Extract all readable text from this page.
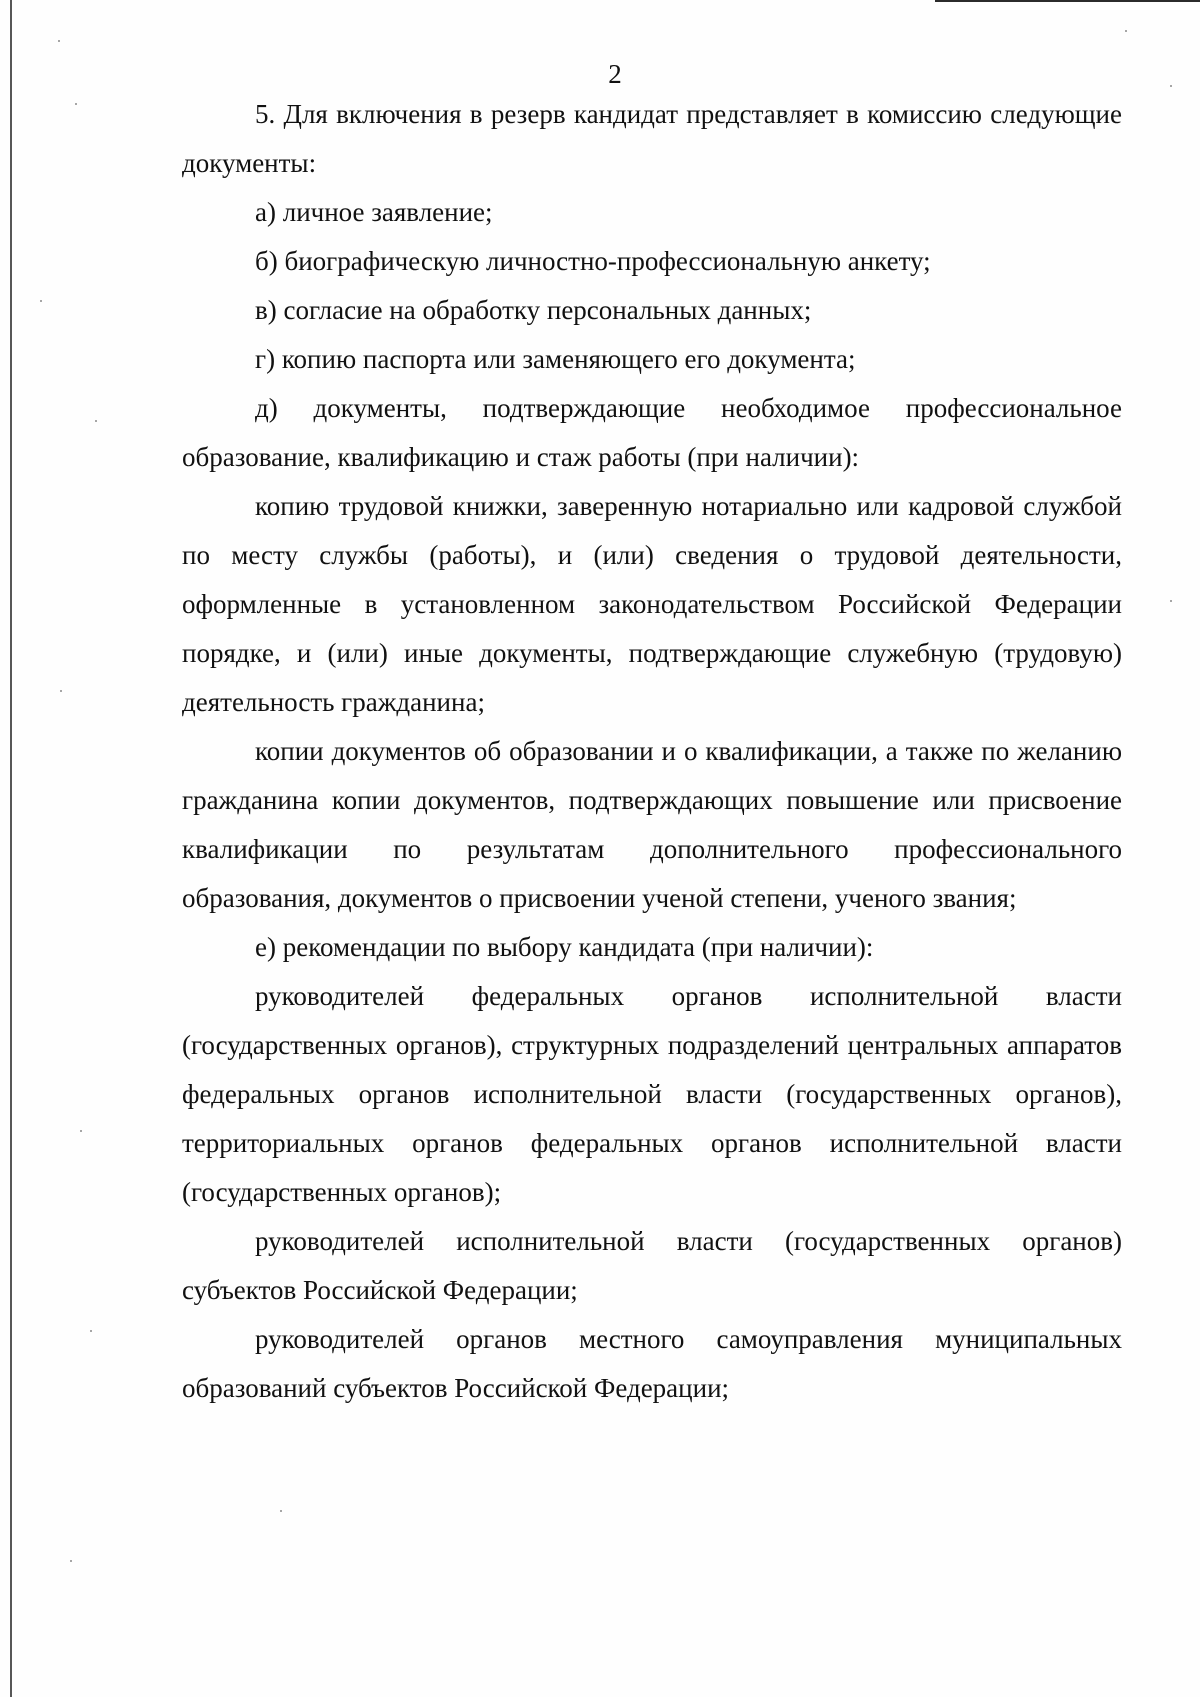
2

5. Для включения в резерв кандидат представляет в комиссию следующие документы:

а) личное заявление;

б) биографическую личностно-профессиональную анкету;

в) согласие на обработку персональных данных;

г) копию паспорта или заменяющего его документа;

д) документы, подтверждающие необходимое профессиональное образование, квалификацию и стаж работы (при наличии):

копию трудовой книжки, заверенную нотариально или кадровой службой по месту службы (работы), и (или) сведения о трудовой деятельности, оформленные в установленном законодательством Российской Федерации порядке, и (или) иные документы, подтверждающие служебную (трудовую) деятельность гражданина;

копии документов об образовании и о квалификации, а также по желанию гражданина копии документов, подтверждающих повышение или присвоение квалификации по результатам дополнительного профессионального образования, документов о присвоении ученой степени, ученого звания;

е) рекомендации по выбору кандидата (при наличии):

руководителей федеральных органов исполнительной власти (государственных органов), структурных подразделений центральных аппаратов федеральных органов исполнительной власти (государственных органов), территориальных органов федеральных органов исполнительной власти (государственных органов);

руководителей исполнительной власти (государственных органов) субъектов Российской Федерации;

руководителей органов местного самоуправления муниципальных образований субъектов Российской Федерации;
